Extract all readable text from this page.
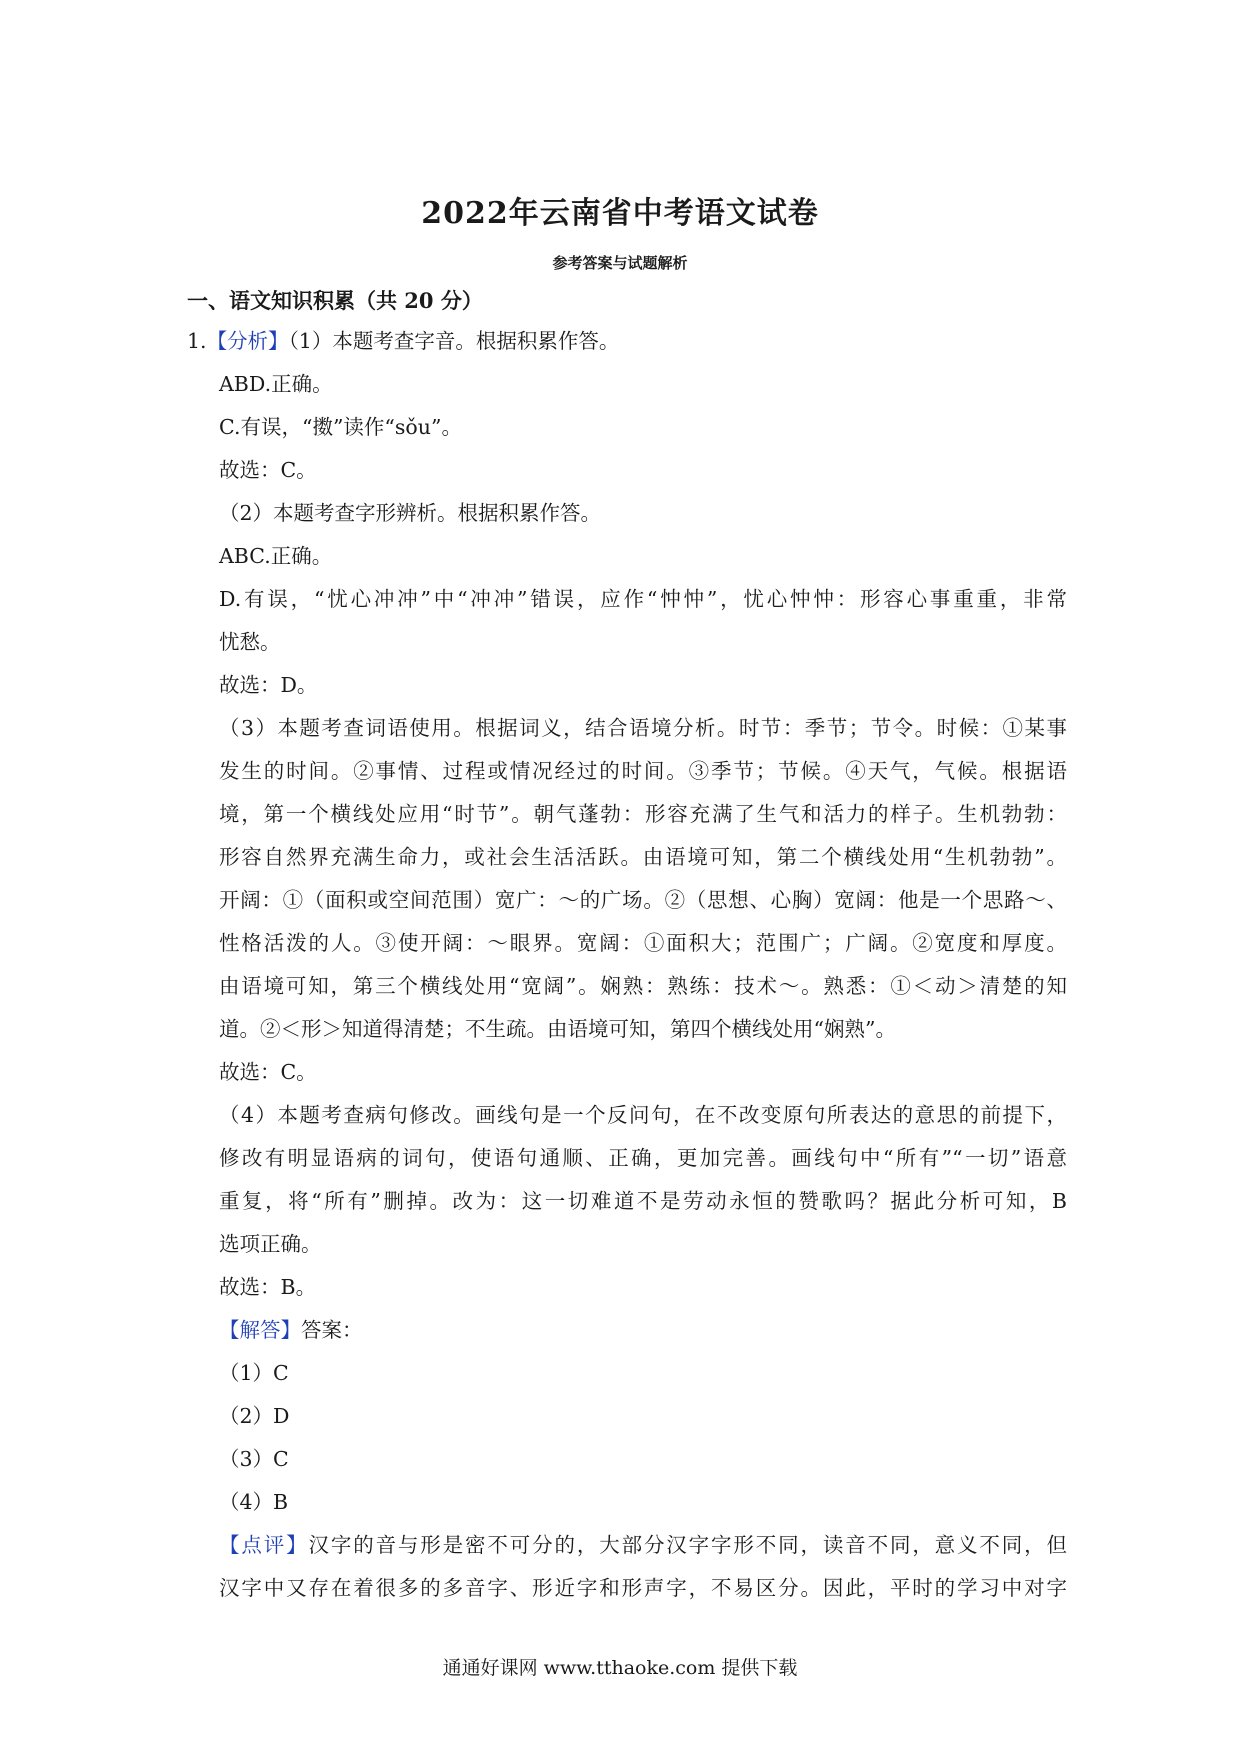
2022年云南省中考语文试卷
参考答案与试题解析
一、语文知识积累（共 20 分）
1.【分析】（1）本题考查字音。根据积累作答。
ABD.正确。
C.有误，“擞”读作“sǒu”。
故选：C。
（2）本题考查字形辨析。根据积累作答。
ABC.正确。
D.有误，“忧心冲冲”中“冲冲”错误，应作“忡忡”，忧心忡忡：形容心事重重，非常
忧愁。
故选：D。
（3）本题考查词语使用。根据词义，结合语境分析。时节：季节；节令。时候：①某事
发生的时间。②事情、过程或情况经过的时间。③季节；节候。④天气，气候。根据语
境，第一个横线处应用“时节”。朝气蓬勃：形容充满了生气和活力的样子。生机勃勃：
形容自然界充满生命力，或社会生活活跃。由语境可知，第二个横线处用“生机勃勃”。
开阔：①（面积或空间范围）宽广：～的广场。②（思想、心胸）宽阔：他是一个思路～、
性格活泼的人。③使开阔：～眼界。宽阔：①面积大；范围广；广阔。②宽度和厚度。
由语境可知，第三个横线处用“宽阔”。娴熟：熟练：技术～。熟悉：①＜动＞清楚的知
道。②＜形＞知道得清楚；不生疏。由语境可知，第四个横线处用“娴熟”。
故选：C。
（4）本题考查病句修改。画线句是一个反问句，在不改变原句所表达的意思的前提下，
修改有明显语病的词句，使语句通顺、正确，更加完善。画线句中“所有”“一切”语意
重复，将“所有”删掉。改为：这一切难道不是劳动永恒的赞歌吗？据此分析可知，B
选项正确。
故选：B。
【解答】答案：
（1）C
（2）D
（3）C
（4）B
【点评】汉字的音与形是密不可分的，大部分汉字字形不同，读音不同，意义不同，但
汉字中又存在着很多的多音字、形近字和形声字，不易区分。因此，平时的学习中对字
通通好课网 www.tthaoke.com 提供下载
